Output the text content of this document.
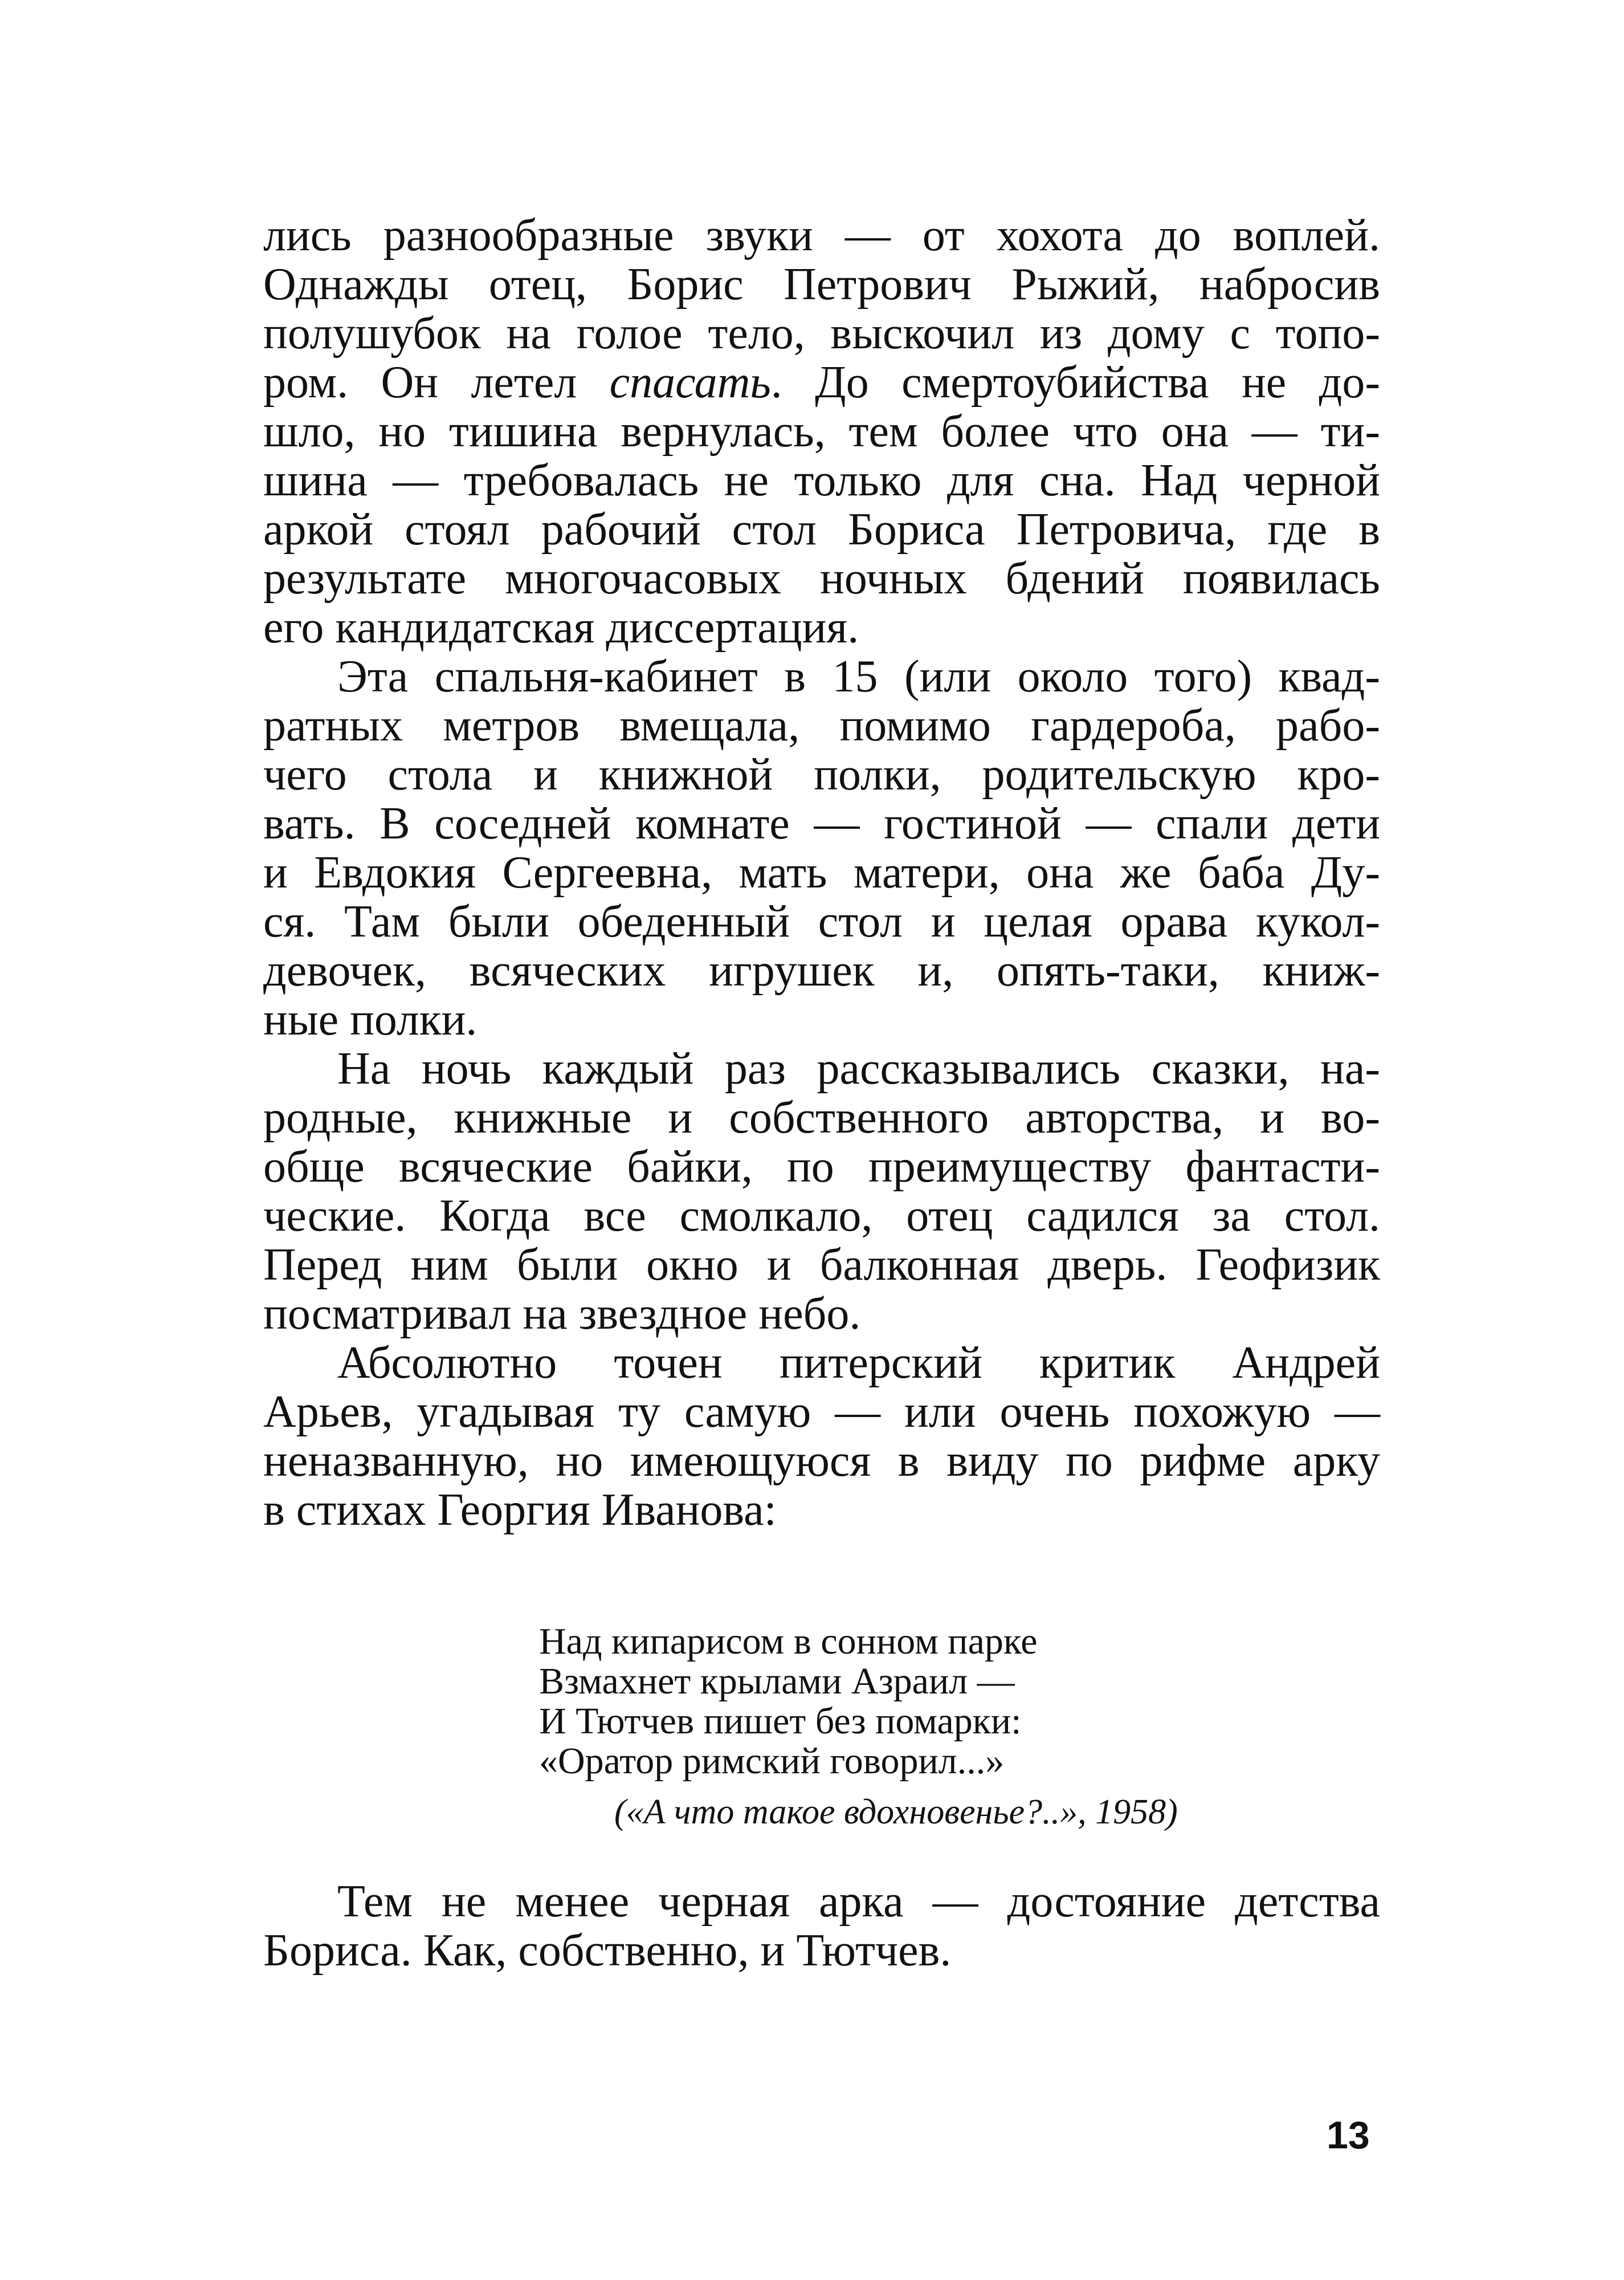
лись разнообразные звуки — от хохота до воплей.
Однажды отец, Борис Петрович Рыжий, набросив
полушубок на голое тело, выскочил из дому с топо-
ром. Он летел спасать. До смертоубийства не до-
шло, но тишина вернулась, тем более что она — ти-
шина — требовалась не только для сна. Над черной
аркой стоял рабочий стол Бориса Петровича, где в
результате многочасовых ночных бдений появилась
его кандидатская диссертация.
Эта спальня-кабинет в 15 (или около того) квад-
ратных метров вмещала, помимо гардероба, рабо-
чего стола и книжной полки, родительскую кро-
вать. В соседней комнате — гостиной — спали дети
и Евдокия Сергеевна, мать матери, она же баба Ду-
ся. Там были обеденный стол и целая орава кукол-
девочек, всяческих игрушек и, опять-таки, книж-
ные полки.
На ночь каждый раз рассказывались сказки, на-
родные, книжные и собственного авторства, и во-
обще всяческие байки, по преимуществу фантасти-
ческие. Когда все смолкало, отец садился за стол.
Перед ним были окно и балконная дверь. Геофизик
посматривал на звездное небо.
Абсолютно точен питерский критик Андрей
Арьев, угадывая ту самую — или очень похожую —
неназванную, но имеющуюся в виду по рифме арку
в стихах Георгия Иванова:
Над кипарисом в сонном парке
Взмахнет крылами Азраил —
И Тютчев пишет без помарки:
«Оратор римский говорил...»
(«А что такое вдохновенье?..», 1958)
Тем не менее черная арка — достояние детства
Бориса. Как, собственно, и Тютчев.
13
